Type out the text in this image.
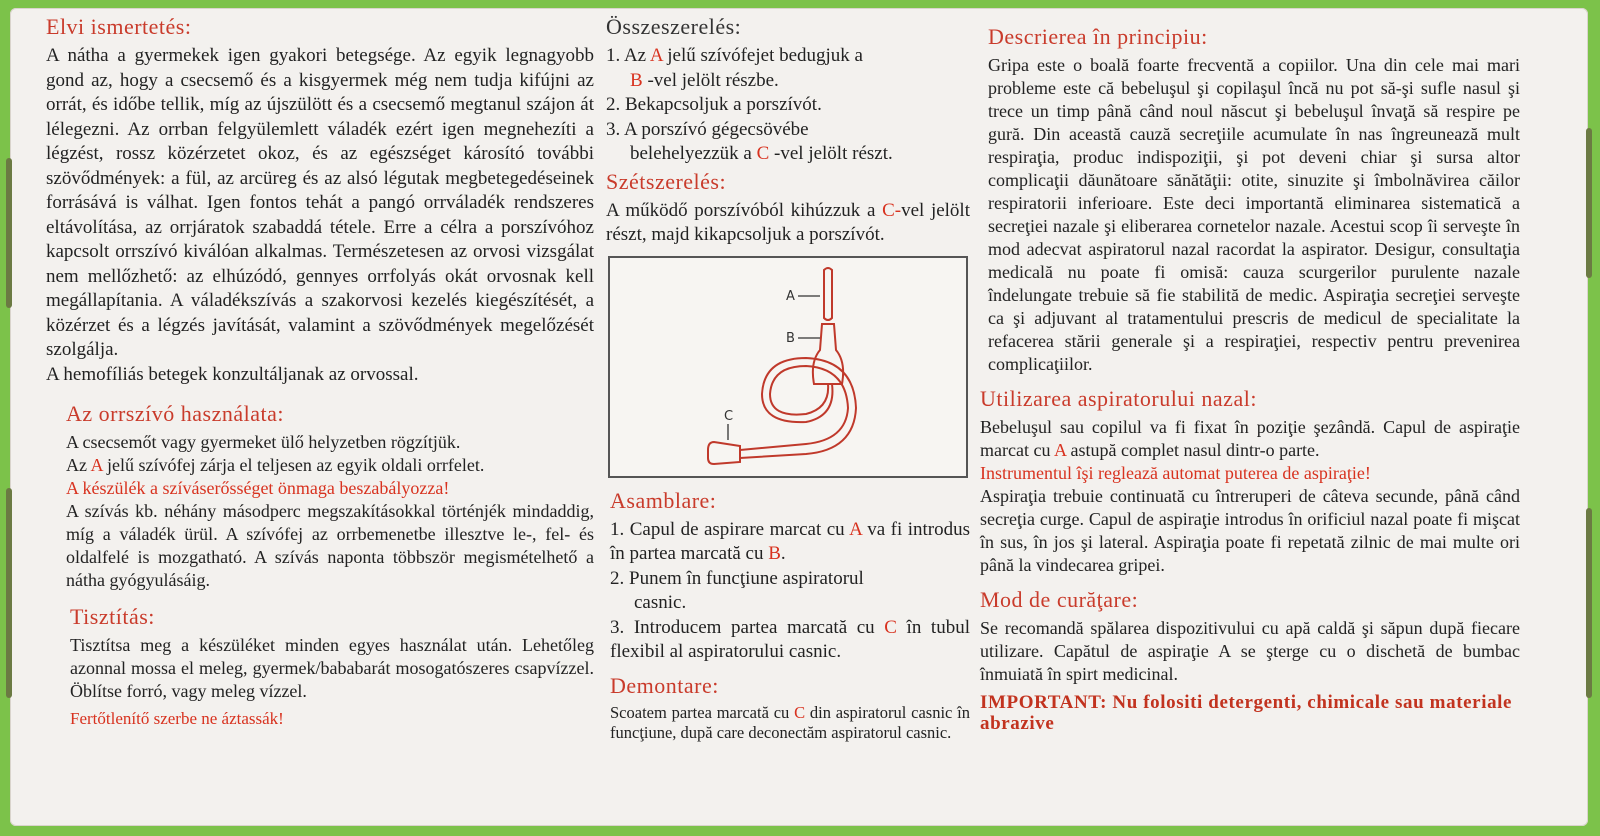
Elvi ismertetés:

A nátha a gyermekek igen gyakori betegsége. Az egyik legnagyobb gond az, hogy a csecsemő és a kisgyermek még nem tudja kifújni az orrát, és időbe tellik, míg az újszülött és a csecsemő megtanul szájon át lélegezni. Az orrban felgyülemlett váladék ezért igen megnehezíti a légzést, rossz közérzetet okoz, és az egészséget károsító további szövődmények: a fül, az arcüreg és az alsó légutak megbetegedéseinek forrásává is válhat. Igen fontos tehát a pangó orrváladék rendszeres eltávolítása, az orrjáratok szabaddá tétele. Erre a célra a porszívóhoz kapcsolt orrszívó kiválóan alkalmas. Természetesen az orvosi vizsgálat nem mellőzhető: az elhúzódó, gennyes orrfolyás okát orvosnak kell megállapítania. A váladékszívás a szakorvosi kezelés kiegészítését, a közérzet és a légzés javítását, valamint a szövődmények megelőzését szolgálja.

A hemofíliás betegek konzultáljanak az orvossal.

Az orrszívó használata:

A csecsemőt vagy gyermeket ülő helyzetben rögzítjük.

Az A jelű szívófej zárja el teljesen az egyik oldali orrfelet.

A készülék a szíváserősséget önmaga beszabályozza!

A szívás kb. néhány másodperc megszakításokkal történjék mindaddig, míg a váladék ürül. A szívófej az orrbemenetbe illesztve le-, fel- és oldalfelé is mozgatható. A szívás naponta többször megismételhető a nátha gyógyulásáig.

Tisztítás:

Tisztítsa meg a készüléket minden egyes használat után. Lehetőleg azonnal mossa el meleg, gyermek/bababarát mosogatószeres csapvízzel. Öblítse forró, vagy meleg vízzel.

Fertőtlenítő szerbe ne áztassák!

Összeszerelés:
1. Az A jelű szívófejet bedugjuk a
B -vel jelölt részbe.
2. Bekapcsoljuk a porszívót.
3. A porszívó gégecsövébe
belehelyezzük a C -vel jelölt részt.
Szétszerelés:

A működő porszívóból kihúzzuk a C-vel jelölt részt, majd kikapcsoljuk a porszívót.

A
B
C
Asamblare:

1. Capul de aspirare marcat cu A va fi introdus în partea marcată cu B.

2. Punem în funcţiune aspiratorul

casnic.

3. Introducem partea marcată cu C în tubul flexibil al aspiratorului casnic.

Demontare:

Scoatem partea marcată cu C din aspiratorul casnic în funcţiune, după care deconectăm aspiratorul casnic.

Descrierea în principiu:

Gripa este o boală foarte frecventă a copiilor. Una din cele mai mari probleme este că bebeluşul şi copilaşul încă nu pot să-şi sufle nasul şi trece un timp până când noul născut şi bebeluşul învaţă să respire pe gură. Din această cauză secreţiile acumulate în nas îngreunează mult respiraţia, produc indispoziţii, şi pot deveni chiar şi sursa altor complicaţii dăunătoare sănătăţii: otite, sinuzite şi îmbolnăvirea căilor respiratorii inferioare. Este deci importantă eliminarea sistematică a secreţiei nazale şi eliberarea cornetelor nazale. Acestui scop îi serveşte în mod adecvat aspiratorul nazal racordat la aspirator. Desigur, consultaţia medicală nu poate fi omisă: cauza scurgerilor purulente nazale îndelungate trebuie să fie stabilită de medic. Aspiraţia secreţiei serveşte ca şi adjuvant al tratamentului prescris de medicul de specialitate la refacerea stării generale şi a respiraţiei, respectiv pentru prevenirea complicaţiilor.

Utilizarea aspiratorului nazal:

Bebeluşul sau copilul va fi fixat în poziţie şezândă. Capul de aspiraţie marcat cu A astupă complet nasul dintr-o parte.

Instrumentul îşi reglează automat puterea de aspiraţie!

Aspiraţia trebuie continuată cu întreruperi de câteva secunde, până când secreţia curge. Capul de aspiraţie introdus în orificiul nazal poate fi mişcat în sus, în jos şi lateral. Aspiraţia poate fi repetată zilnic de mai multe ori până la vindecarea gripei.

Mod de curăţare:

Se recomandă spălarea dispozitivului cu apă caldă şi săpun după fiecare utilizare. Capătul de aspiraţie A se şterge cu o dischetă de bumbac înmuiată în spirt medicinal.

IMPORTANT: Nu folositi detergenti, chimicale sau materiale abrazive
